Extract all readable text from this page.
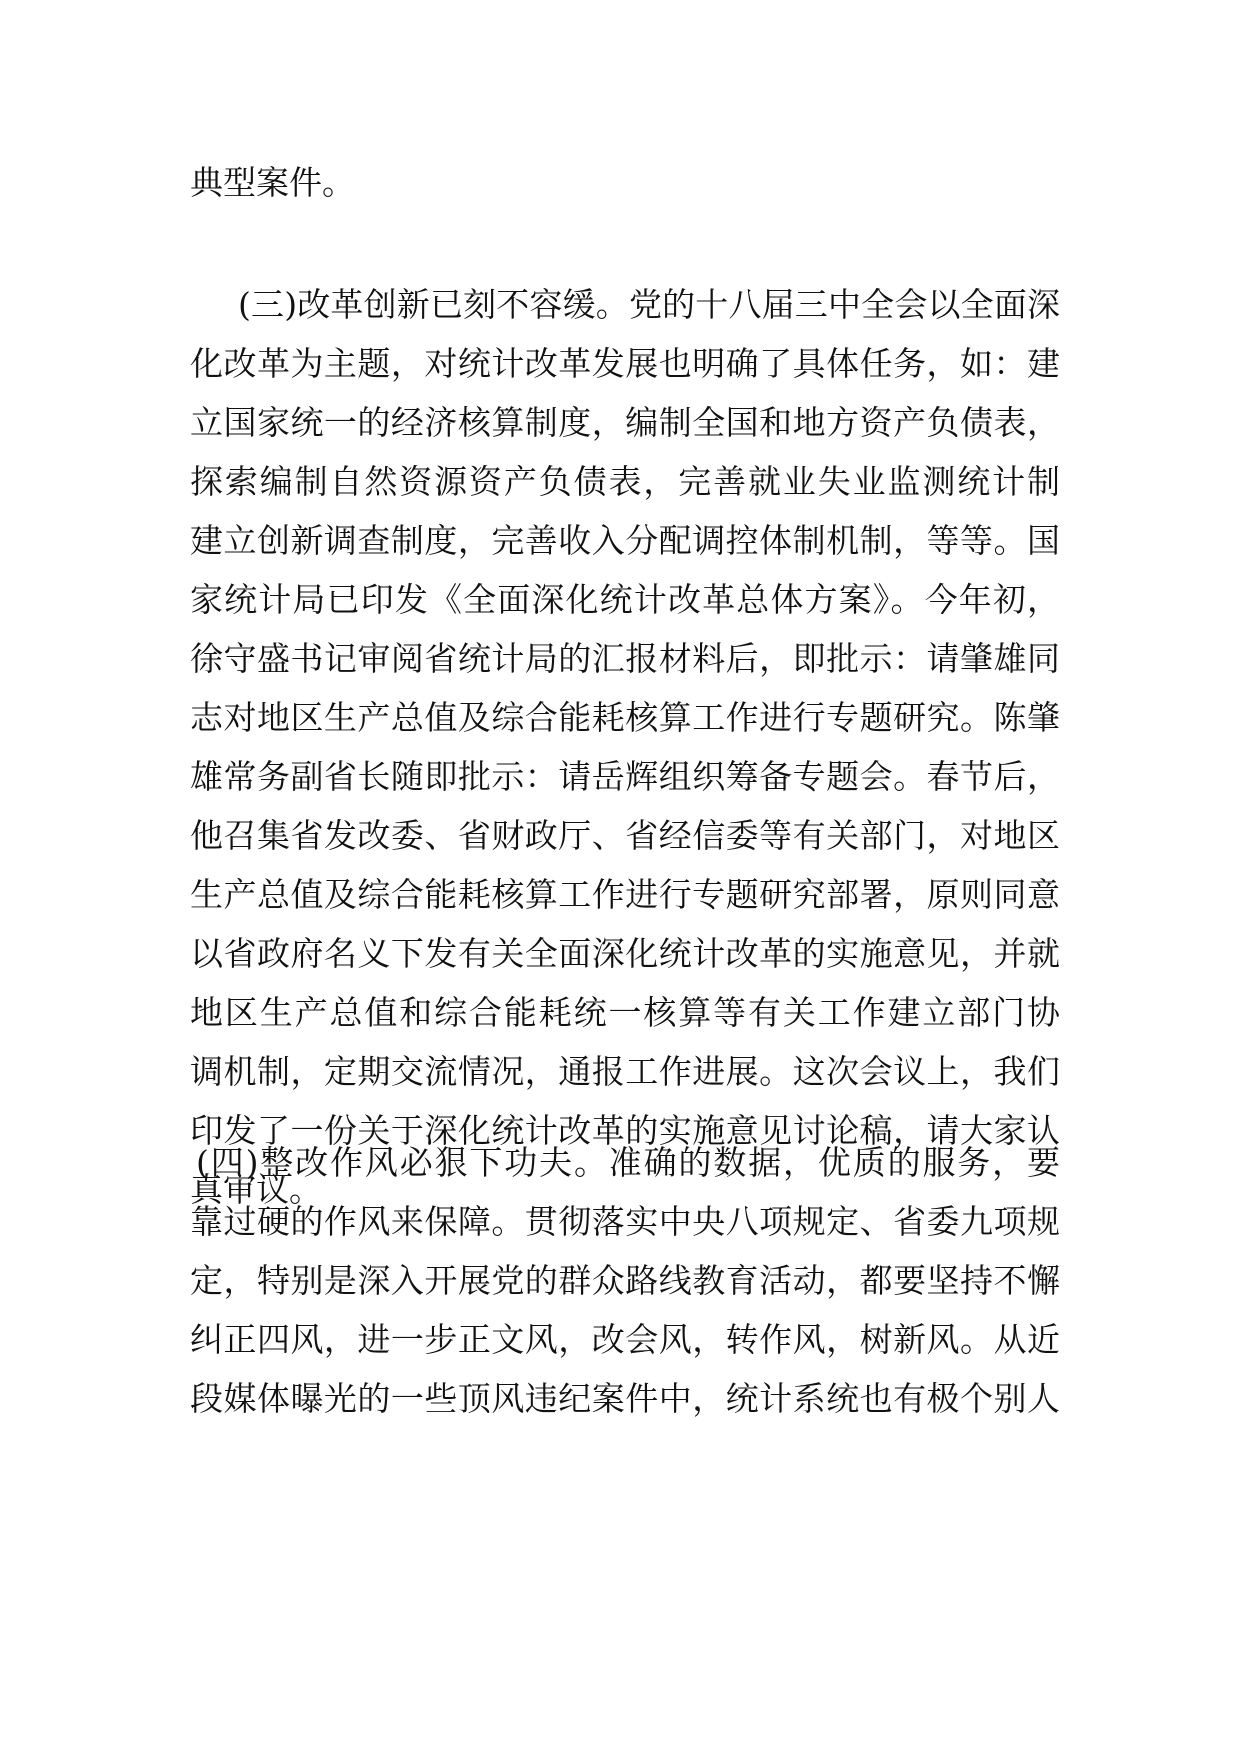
典型案件。
(三)改革创新已刻不容缓。党的十八届三中全会以全面深
化改革为主题，对统计改革发展也明确了具体任务，如：建
立国家统一的经济核算制度，编制全国和地方资产负债表，
探索编制自然资源资产负债表，完善就业失业监测统计制
建立创新调查制度，完善收入分配调控体制机制，等等。国
家统计局已印发《全面深化统计改革总体方案》。今年初，
徐守盛书记审阅省统计局的汇报材料后，即批示：请肇雄同
志对地区生产总值及综合能耗核算工作进行专题研究。陈肇
雄常务副省长随即批示：请岳辉组织筹备专题会。春节后，
他召集省发改委、省财政厅、省经信委等有关部门，对地区
生产总值及综合能耗核算工作进行专题研究部署，原则同意
以省政府名义下发有关全面深化统计改革的实施意见，并就
地区生产总值和综合能耗统一核算等有关工作建立部门协
调机制，定期交流情况，通报工作进展。这次会议上，我们
印发了一份关于深化统计改革的实施意见讨论稿，请大家认
真审议。
(四)整改作风必狠下功夫。准确的数据，优质的服务，要
靠过硬的作风来保障。贯彻落实中央八项规定、省委九项规
定，特别是深入开展党的群众路线教育活动，都要坚持不懈
纠正四风，进一步正文风，改会风，转作风，树新风。从近
段媒体曝光的一些顶风违纪案件中，统计系统也有极个别人
